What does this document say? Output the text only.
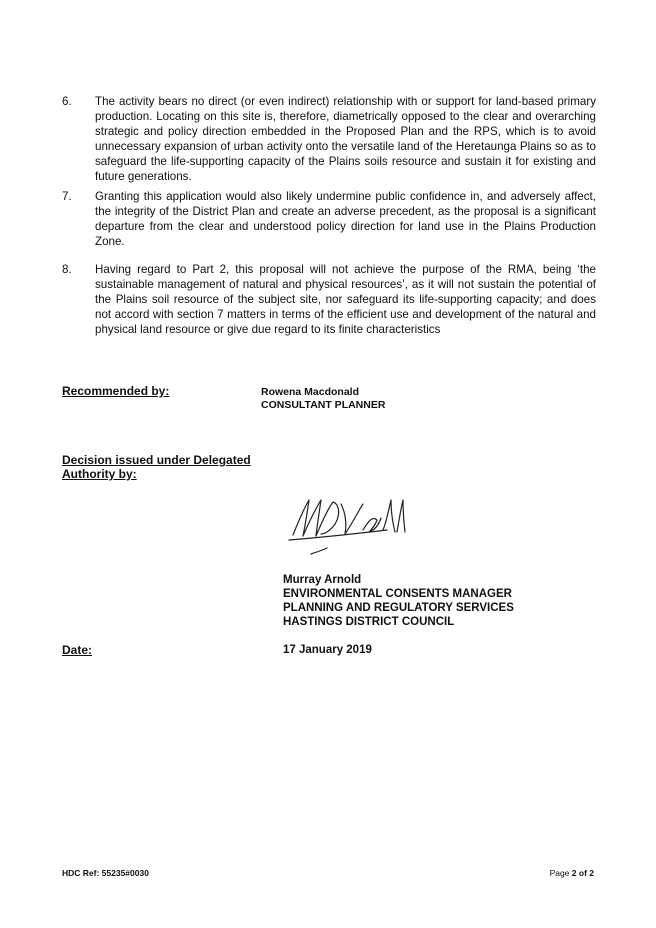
6. The activity bears no direct (or even indirect) relationship with or support for land-based primary production. Locating on this site is, therefore, diametrically opposed to the clear and overarching strategic and policy direction embedded in the Proposed Plan and the RPS, which is to avoid unnecessary expansion of urban activity onto the versatile land of the Heretaunga Plains so as to safeguard the life-supporting capacity of the Plains soils resource and sustain it for existing and future generations.
7. Granting this application would also likely undermine public confidence in, and adversely affect, the integrity of the District Plan and create an adverse precedent, as the proposal is a significant departure from the clear and understood policy direction for land use in the Plains Production Zone.
8. Having regard to Part 2, this proposal will not achieve the purpose of the RMA, being ‘the sustainable management of natural and physical resources’, as it will not sustain the potential of the Plains soil resource of the subject site, nor safeguard its life-supporting capacity; and does not accord with section 7 matters in terms of the efficient use and development of the natural and physical land resource or give due regard to its finite characteristics
Recommended by:	Rowena Macdonald
CONSULTANT PLANNER
Decision issued under Delegated
Authority by:
Murray Arnold
ENVIRONMENTAL CONSENTS MANAGER
PLANNING AND REGULATORY SERVICES
HASTINGS DISTRICT COUNCIL
Date:	17 January 2019
HDC Ref: 55235#0030	Page 2 of 2
